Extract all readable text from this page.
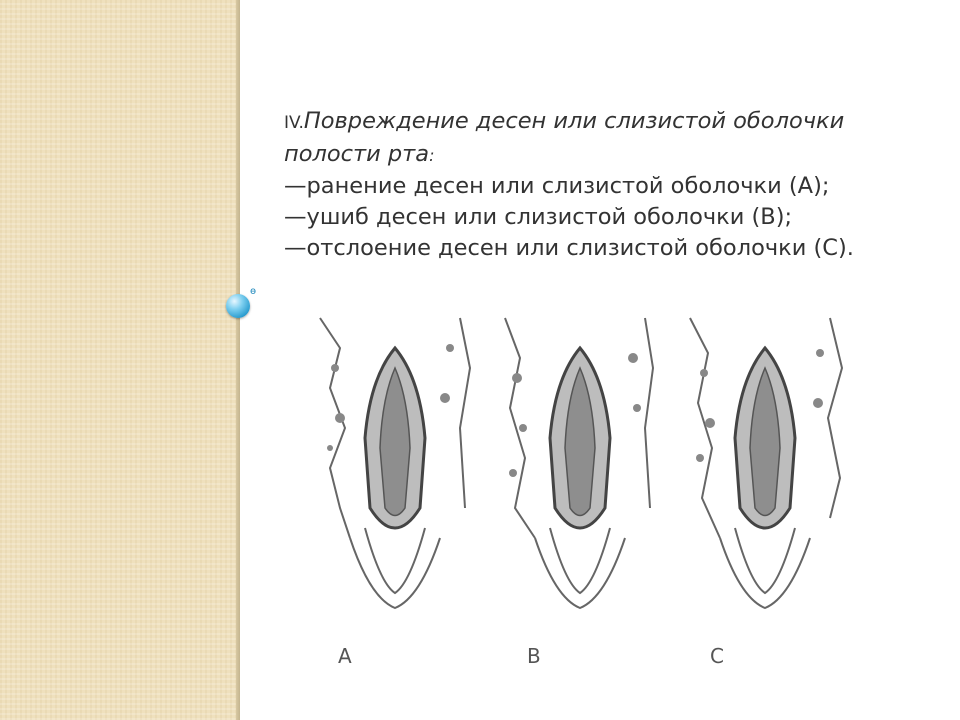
ө
IV.Повреждение десен или слизистой оболочки полости рта:
—ранение десен или слизистой оболочки (А);
—ушиб десен или слизистой оболочки (В);
—отслоение десен или слизистой оболочки (С).
A	B	C
